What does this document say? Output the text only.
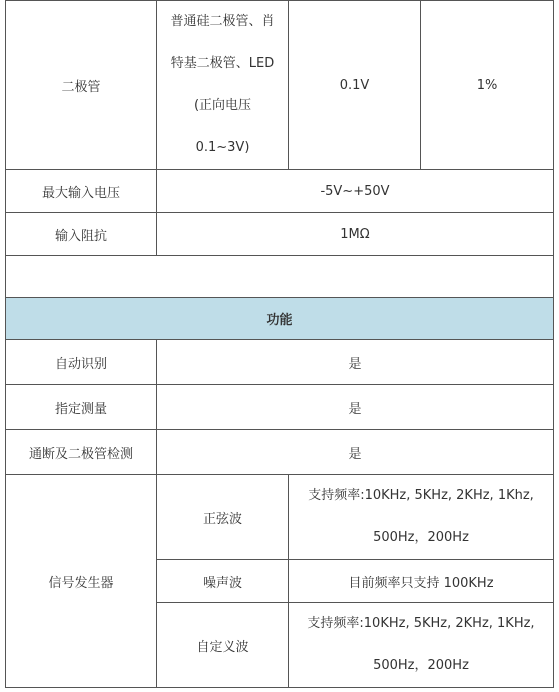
二极管	普通硅二极管、肖
特基二极管、LED
(正向电压
0.1~3V)	0.1V	1%
最大输入电压	-5V~+50V		
输入阻抗	1MΩ		

功能			
自动识别	是		
指定测量	是		
通断及二极管检测	是		
信号发生器	正弦波	支持频率:10KHz, 5KHz, 2KHz, 1Khz,
500Hz，200Hz	

	噪声波	目前频率只支持 100KHz	
	自定义波	支持频率:10KHz, 5KHz, 2KHz, 1KHz,
500Hz，200Hz	
